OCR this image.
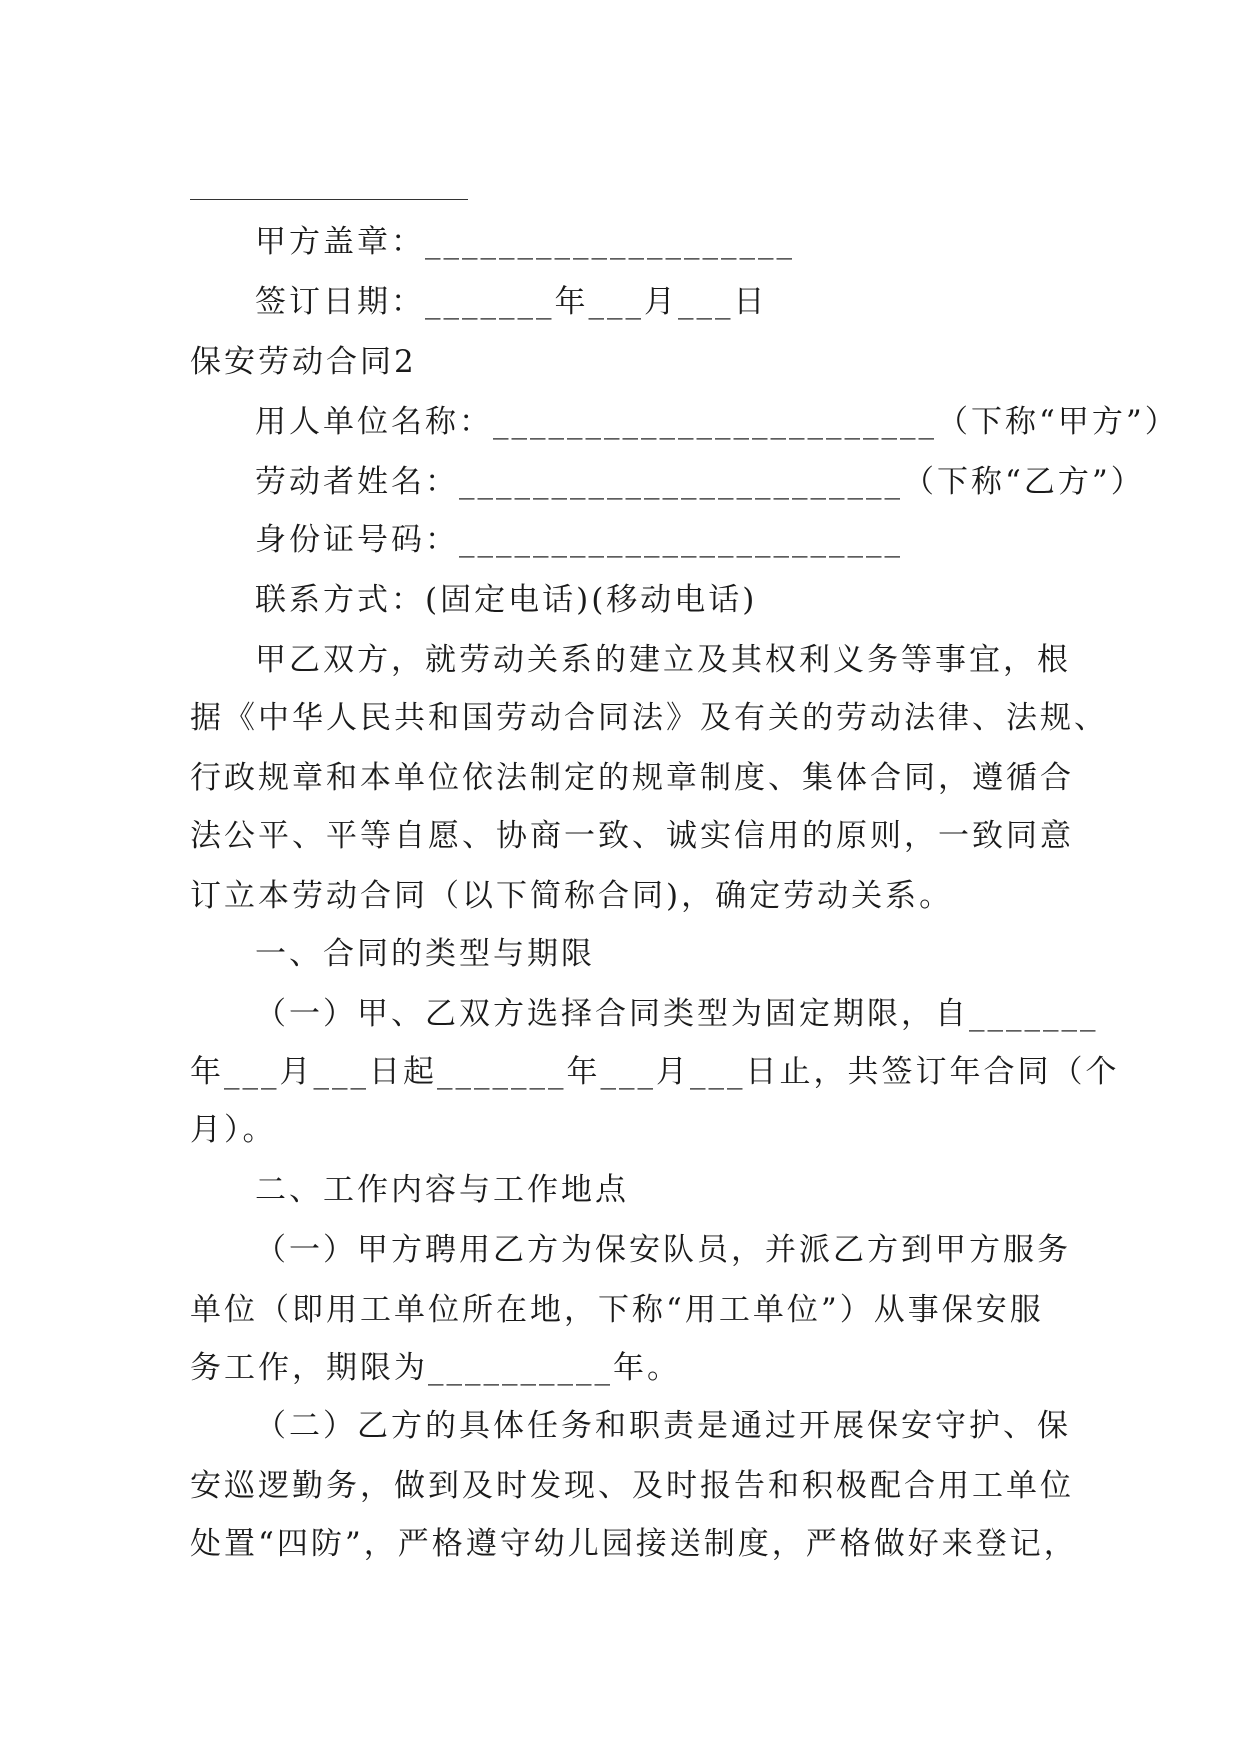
甲方盖章：____________________

签订日期：_______年___月___日

保安劳动合同2

用人单位名称：________________________（下称“甲方”）

劳动者姓名：________________________（下称“乙方”）

身份证号码：________________________

联系方式：(固定电话)(移动电话)

甲乙双方，就劳动关系的建立及其权利义务等事宜，根

据《中华人民共和国劳动合同法》及有关的劳动法律、法规、

行政规章和本单位依法制定的规章制度、集体合同，遵循合

法公平、平等自愿、协商一致、诚实信用的原则，一致同意

订立本劳动合同（以下简称合同)，确定劳动关系。

一、合同的类型与期限

（一）甲、乙双方选择合同类型为固定期限，自_______

年___月___日起_______年___月___日止，共签订年合同（个

月）。

二、工作内容与工作地点

（一）甲方聘用乙方为保安队员，并派乙方到甲方服务

单位（即用工单位所在地，下称“用工单位”）从事保安服

务工作，期限为__________年。

（二）乙方的具体任务和职责是通过开展保安守护、保

安巡逻勤务，做到及时发现、及时报告和积极配合用工单位

处置“四防”，严格遵守幼儿园接送制度，严格做好来登记，
